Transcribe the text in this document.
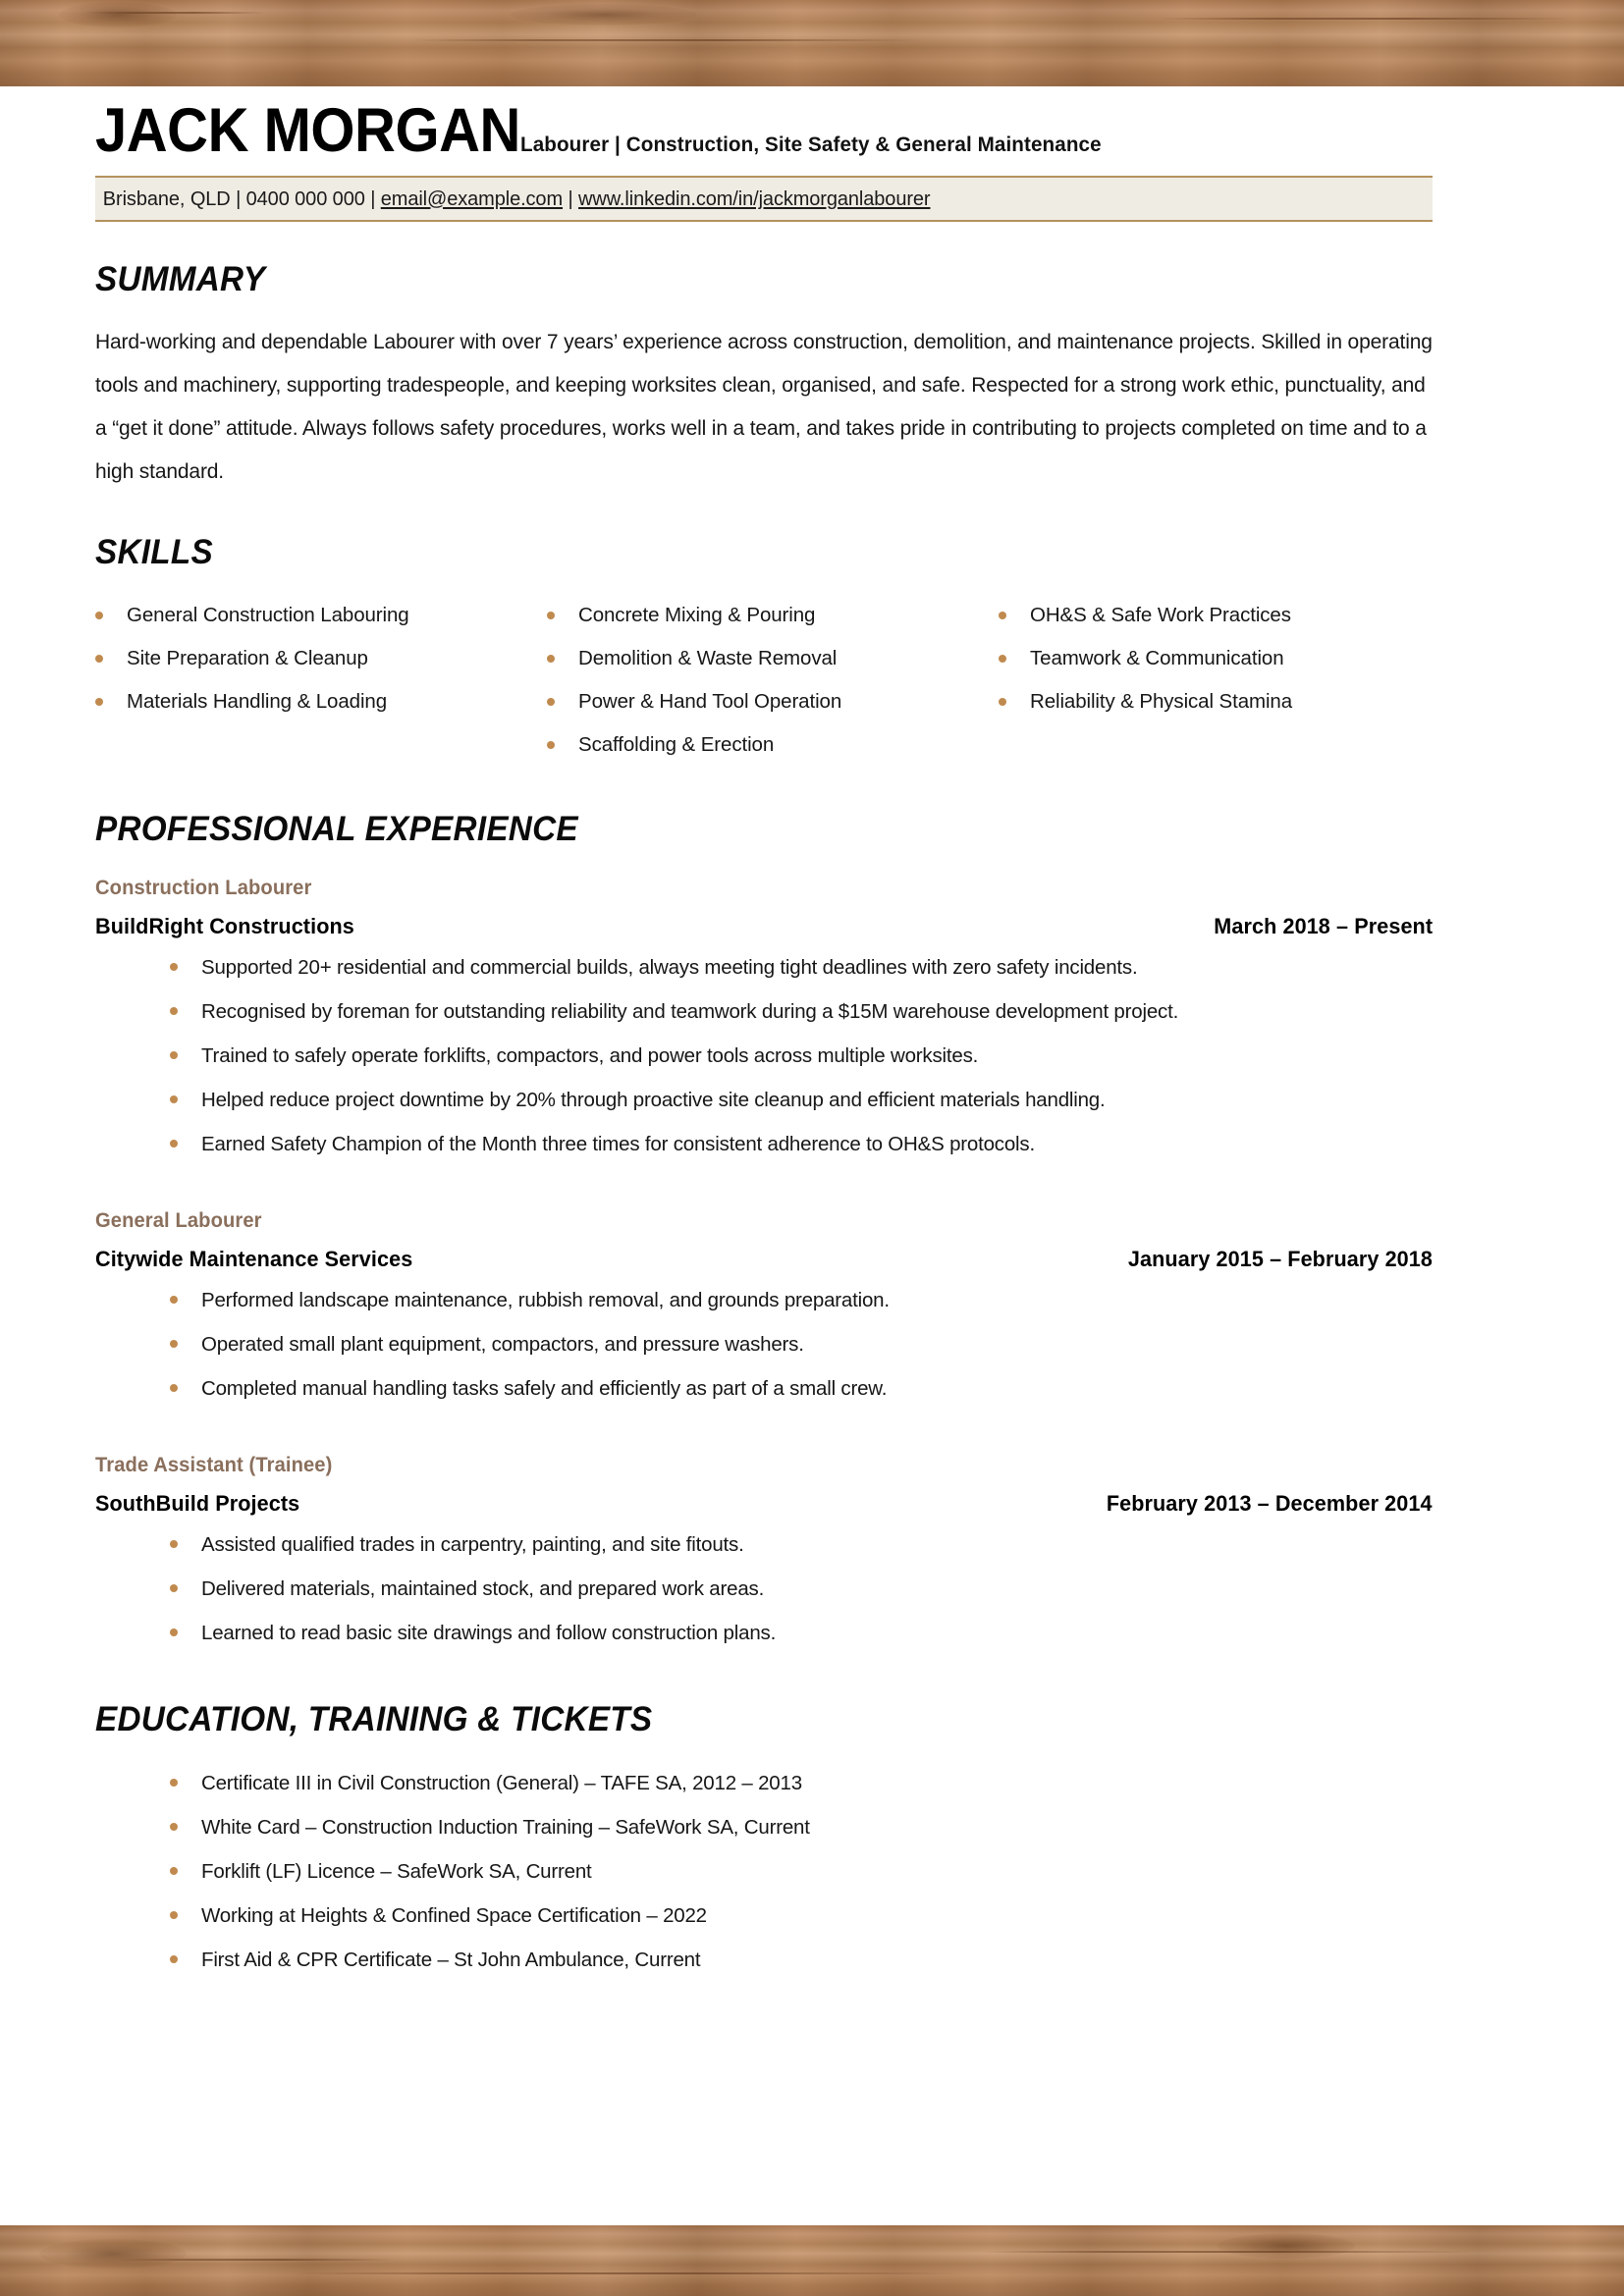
JACK MORGAN Labourer | Construction, Site Safety & General Maintenance
Brisbane, QLD | 0400 000 000 | email@example.com | www.linkedin.com/in/jackmorganlabourer
SUMMARY
Hard-working and dependable Labourer with over 7 years’ experience across construction, demolition, and maintenance projects. Skilled in operating tools and machinery, supporting tradespeople, and keeping worksites clean, organised, and safe. Respected for a strong work ethic, punctuality, and a “get it done” attitude. Always follows safety procedures, works well in a team, and takes pride in contributing to projects completed on time and to a high standard.
SKILLS
General Construction Labouring
Site Preparation & Cleanup
Materials Handling & Loading
Concrete Mixing & Pouring
Demolition & Waste Removal
Power & Hand Tool Operation
Scaffolding & Erection
OH&S & Safe Work Practices
Teamwork & Communication
Reliability & Physical Stamina
PROFESSIONAL EXPERIENCE
Construction Labourer
BuildRight Constructions	March 2018 – Present
Supported 20+ residential and commercial builds, always meeting tight deadlines with zero safety incidents.
Recognised by foreman for outstanding reliability and teamwork during a $15M warehouse development project.
Trained to safely operate forklifts, compactors, and power tools across multiple worksites.
Helped reduce project downtime by 20% through proactive site cleanup and efficient materials handling.
Earned Safety Champion of the Month three times for consistent adherence to OH&S protocols.
General Labourer
Citywide Maintenance Services	January 2015 – February 2018
Performed landscape maintenance, rubbish removal, and grounds preparation.
Operated small plant equipment, compactors, and pressure washers.
Completed manual handling tasks safely and efficiently as part of a small crew.
Trade Assistant (Trainee)
SouthBuild Projects	February 2013 – December 2014
Assisted qualified trades in carpentry, painting, and site fitouts.
Delivered materials, maintained stock, and prepared work areas.
Learned to read basic site drawings and follow construction plans.
EDUCATION, TRAINING & TICKETS
Certificate III in Civil Construction (General) – TAFE SA, 2012 – 2013
White Card – Construction Induction Training – SafeWork SA, Current
Forklift (LF) Licence – SafeWork SA, Current
Working at Heights & Confined Space Certification – 2022
First Aid & CPR Certificate – St John Ambulance, Current
